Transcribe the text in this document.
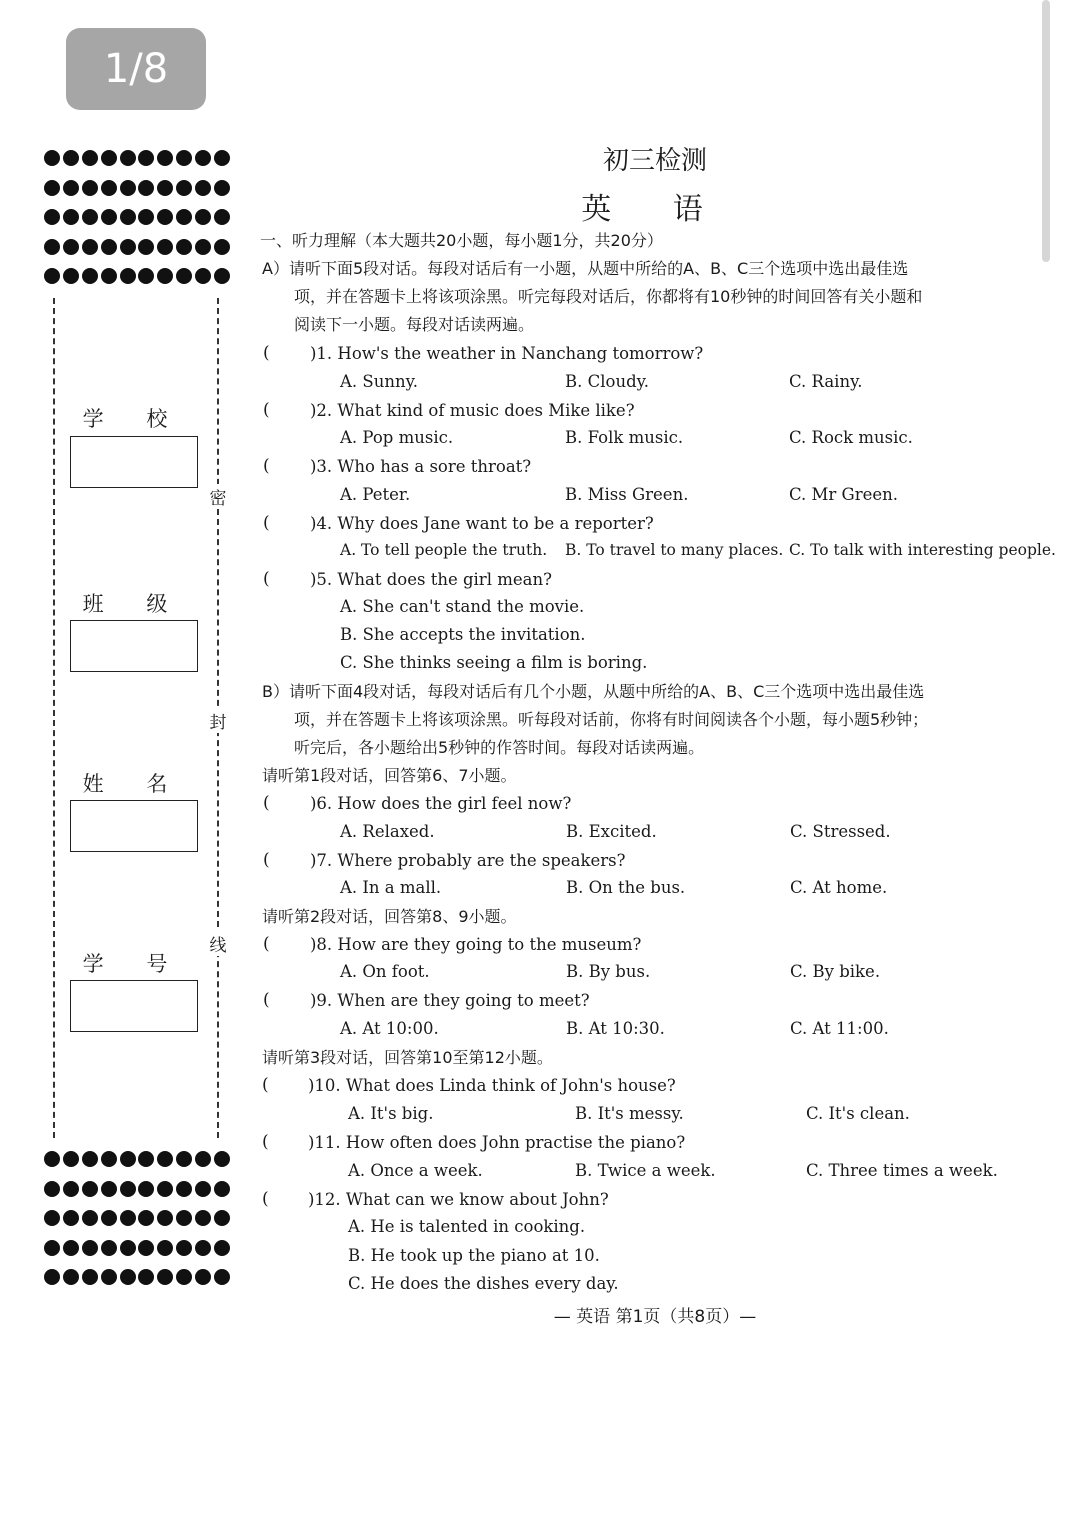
1/8
密
封
线
学 校
班 级
姓 名
学 号
初三检测
英 语
一、听力理解（本大题共20小题，每小题1分，共20分）
A）请听下面5段对话。每段对话后有一小题，从题中所给的A、B、C三个选项中选出最佳选
项，并在答题卡上将该项涂黑。听完每段对话后，你都将有10秒钟的时间回答有关小题和
阅读下一小题。每段对话读两遍。
( )1. How's the weather in Nanchang tomorrow?
A. Sunny.	B. Cloudy.	C. Rainy.
( )2. What kind of music does Mike like?
A. Pop music.	B. Folk music.	C. Rock music.
( )3. Who has a sore throat?
A. Peter.	B. Miss Green.	C. Mr Green.
( )4. Why does Jane want to be a reporter?
A. To tell people the truth. B. To travel to many places. C. To talk with interesting people.
( )5. What does the girl mean?
A. She can't stand the movie.
B. She accepts the invitation.
C. She thinks seeing a film is boring.
B）请听下面4段对话，每段对话后有几个小题，从题中所给的A、B、C三个选项中选出最佳选
项，并在答题卡上将该项涂黑。听每段对话前，你将有时间阅读各个小题，每小题5秒钟；
听完后，各小题给出5秒钟的作答时间。每段对话读两遍。
请听第1段对话，回答第6、7小题。
( )6. How does the girl feel now?
A. Relaxed.	B. Excited.	C. Stressed.
( )7. Where probably are the speakers?
A. In a mall.	B. On the bus.	C. At home.
请听第2段对话，回答第8、9小题。
( )8. How are they going to the museum?
A. On foot.	B. By bus.	C. By bike.
( )9. When are they going to meet?
A. At 10:00.	B. At 10:30.	C. At 11:00.
请听第3段对话，回答第10至第12小题。
( )10. What does Linda think of John's house?
A. It's big.	B. It's messy.	C. It's clean.
( )11. How often does John practise the piano?
A. Once a week.	B. Twice a week.	C. Three times a week.
( )12. What can we know about John?
A. He is talented in cooking.
B. He took up the piano at 10.
C. He does the dishes every day.
— 英语 第1页（共8页）—
